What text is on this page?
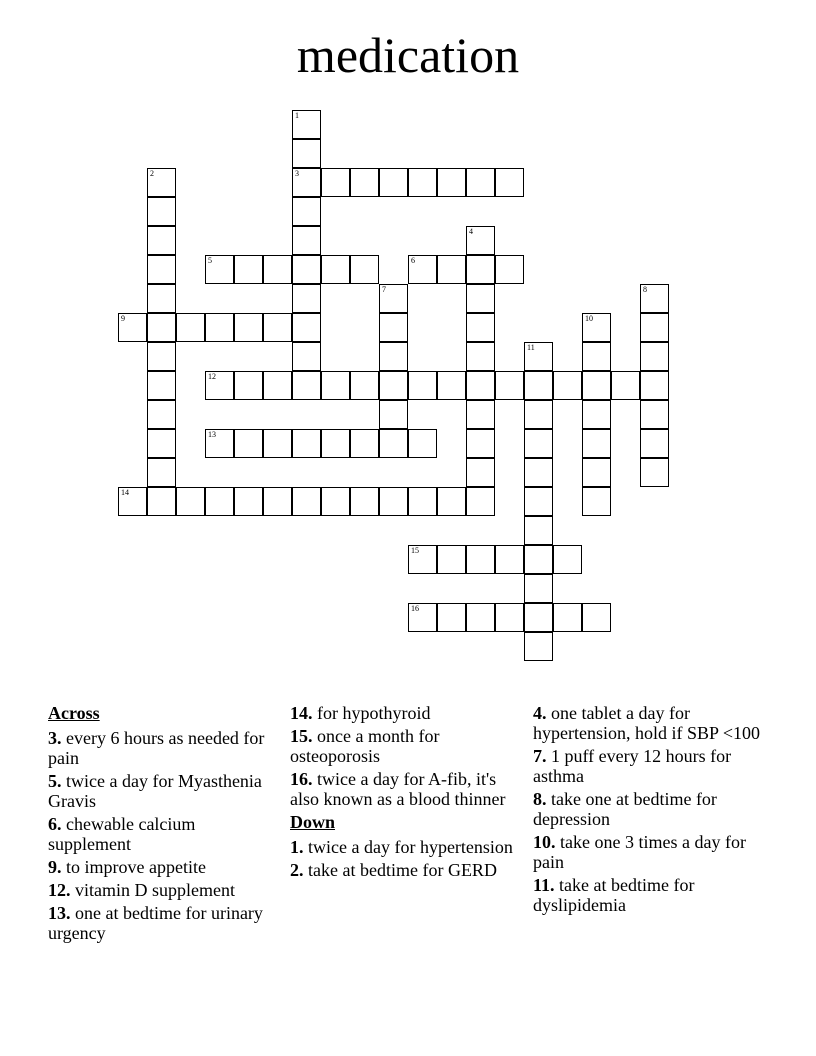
medication
1
3
2
4
5	6
7	8
9	10
11
12
13
14
15
16
Across
3. every 6 hours as needed for pain
5. twice a day for Myasthenia Gravis
6. chewable calcium supplement
9. to improve appetite
12. vitamin D supplement
13. one at bedtime for urinary urgency
14. for hypothyroid
15. once a month for osteoporosis
16. twice a day for A-fib, it's also known as a blood thinner
Down
1. twice a day for hypertension
2. take at bedtime for GERD
4. one tablet a day for hypertension, hold if SBP <100
7. 1 puff every 12 hours for asthma
8. take one at bedtime for depression
10. take one 3 times a day for pain
11. take at bedtime for dyslipidemia
